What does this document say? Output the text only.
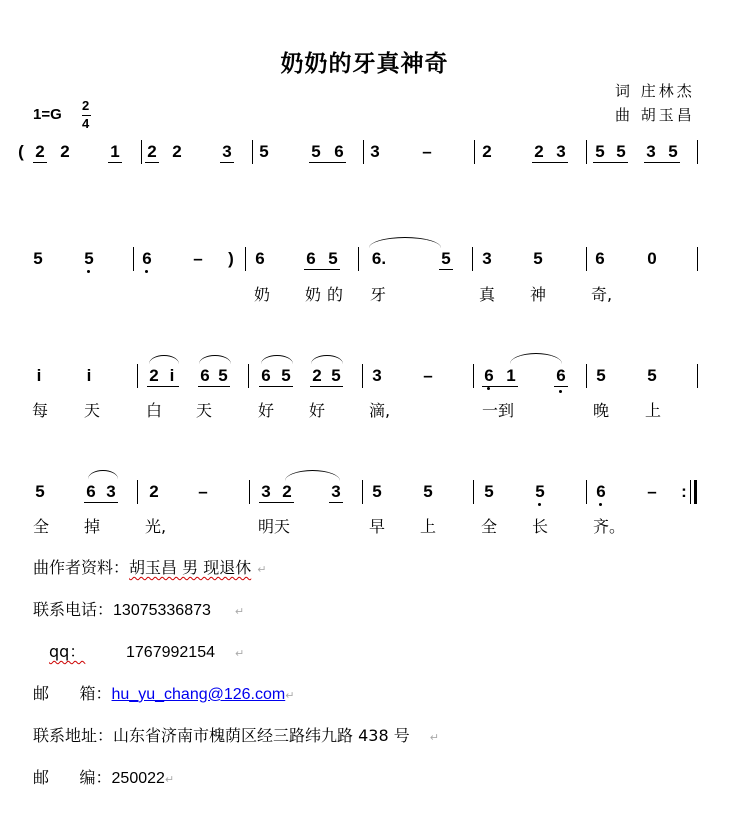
奶奶的牙真神奇
词 庄林杰
曲 胡玉昌
1=G
2
4
( 2 2 1 2 2 3 5	5 6 3	–	2	2 3 5 5 3 5
5 5	6 – ) 6 6 5 6.	5 3 5	6	0
奶 奶 的 牙	真 神	奇,
i	i	2 i 6 5 6 5 2 5 3 –	6 1 6 5 5
每 天	白 天	好 好	滴,	一到	晚 上
5 6 3 2 –	3 2 3 5 5	5 5	6 – :
全 掉	光,	明天	早 上	全 长	齐。
曲作者资料：胡玉昌 男 现退休 ↵
联系电话：13075336873 ↵
qq：	1767992154 ↵
邮      箱：hu_yu_chang@126.com↵
联系地址：山东省济南市槐荫区经三路纬九路 438 号 ↵
邮      编：250022↵
